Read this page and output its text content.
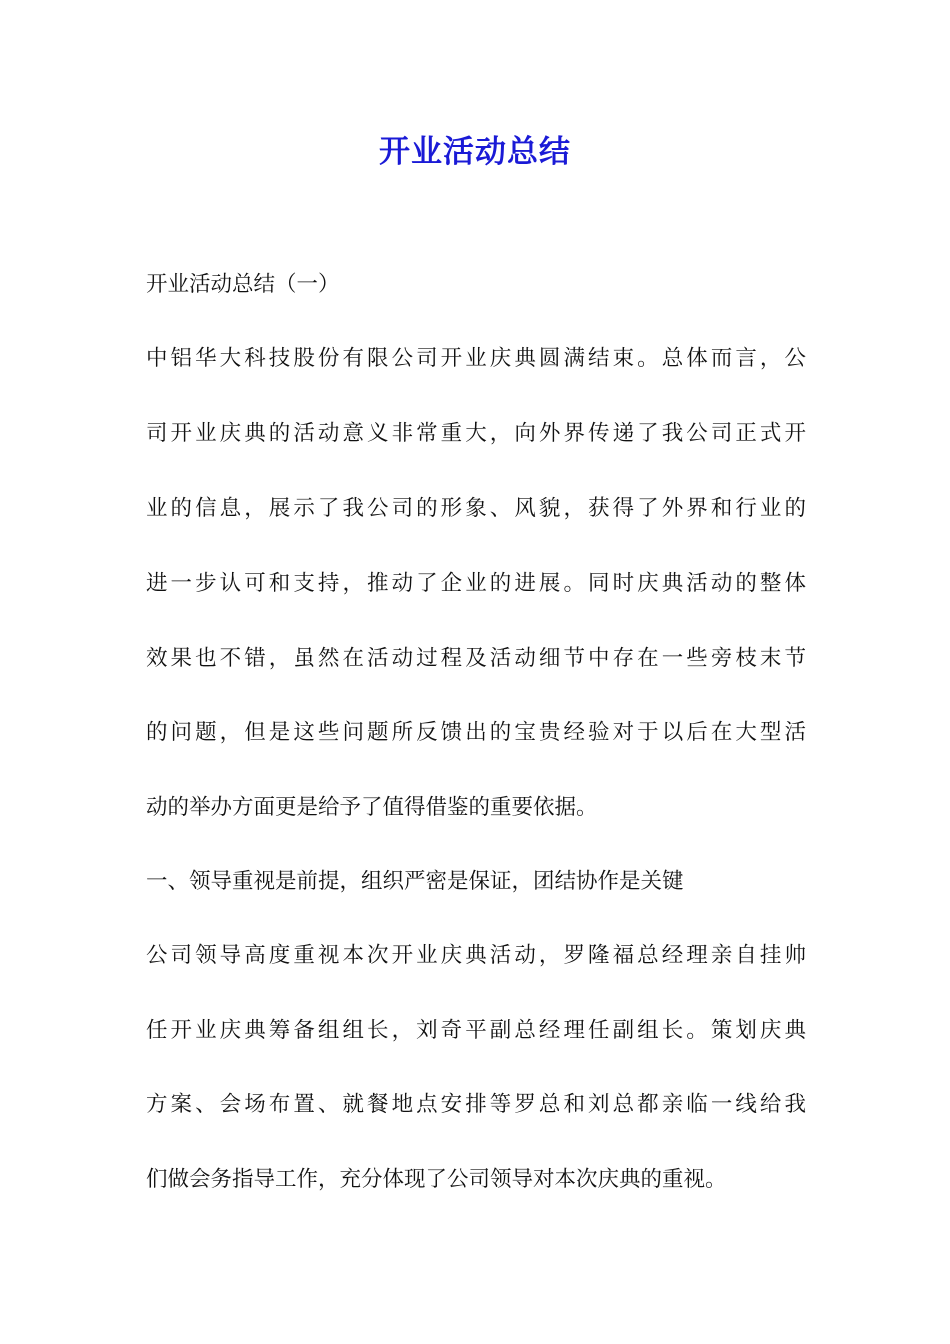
开业活动总结
开业活动总结（一）
中铝华大科技股份有限公司开业庆典圆满结束。总体而言，公
司开业庆典的活动意义非常重大，向外界传递了我公司正式开
业的信息，展示了我公司的形象、风貌，获得了外界和行业的
进一步认可和支持，推动了企业的进展。同时庆典活动的整体
效果也不错，虽然在活动过程及活动细节中存在一些旁枝末节
的问题，但是这些问题所反馈出的宝贵经验对于以后在大型活
动的举办方面更是给予了值得借鉴的重要依据。
一、领导重视是前提，组织严密是保证，团结协作是关键
公司领导高度重视本次开业庆典活动，罗隆福总经理亲自挂帅
任开业庆典筹备组组长，刘奇平副总经理任副组长。策划庆典
方案、会场布置、就餐地点安排等罗总和刘总都亲临一线给我
们做会务指导工作，充分体现了公司领导对本次庆典的重视。
